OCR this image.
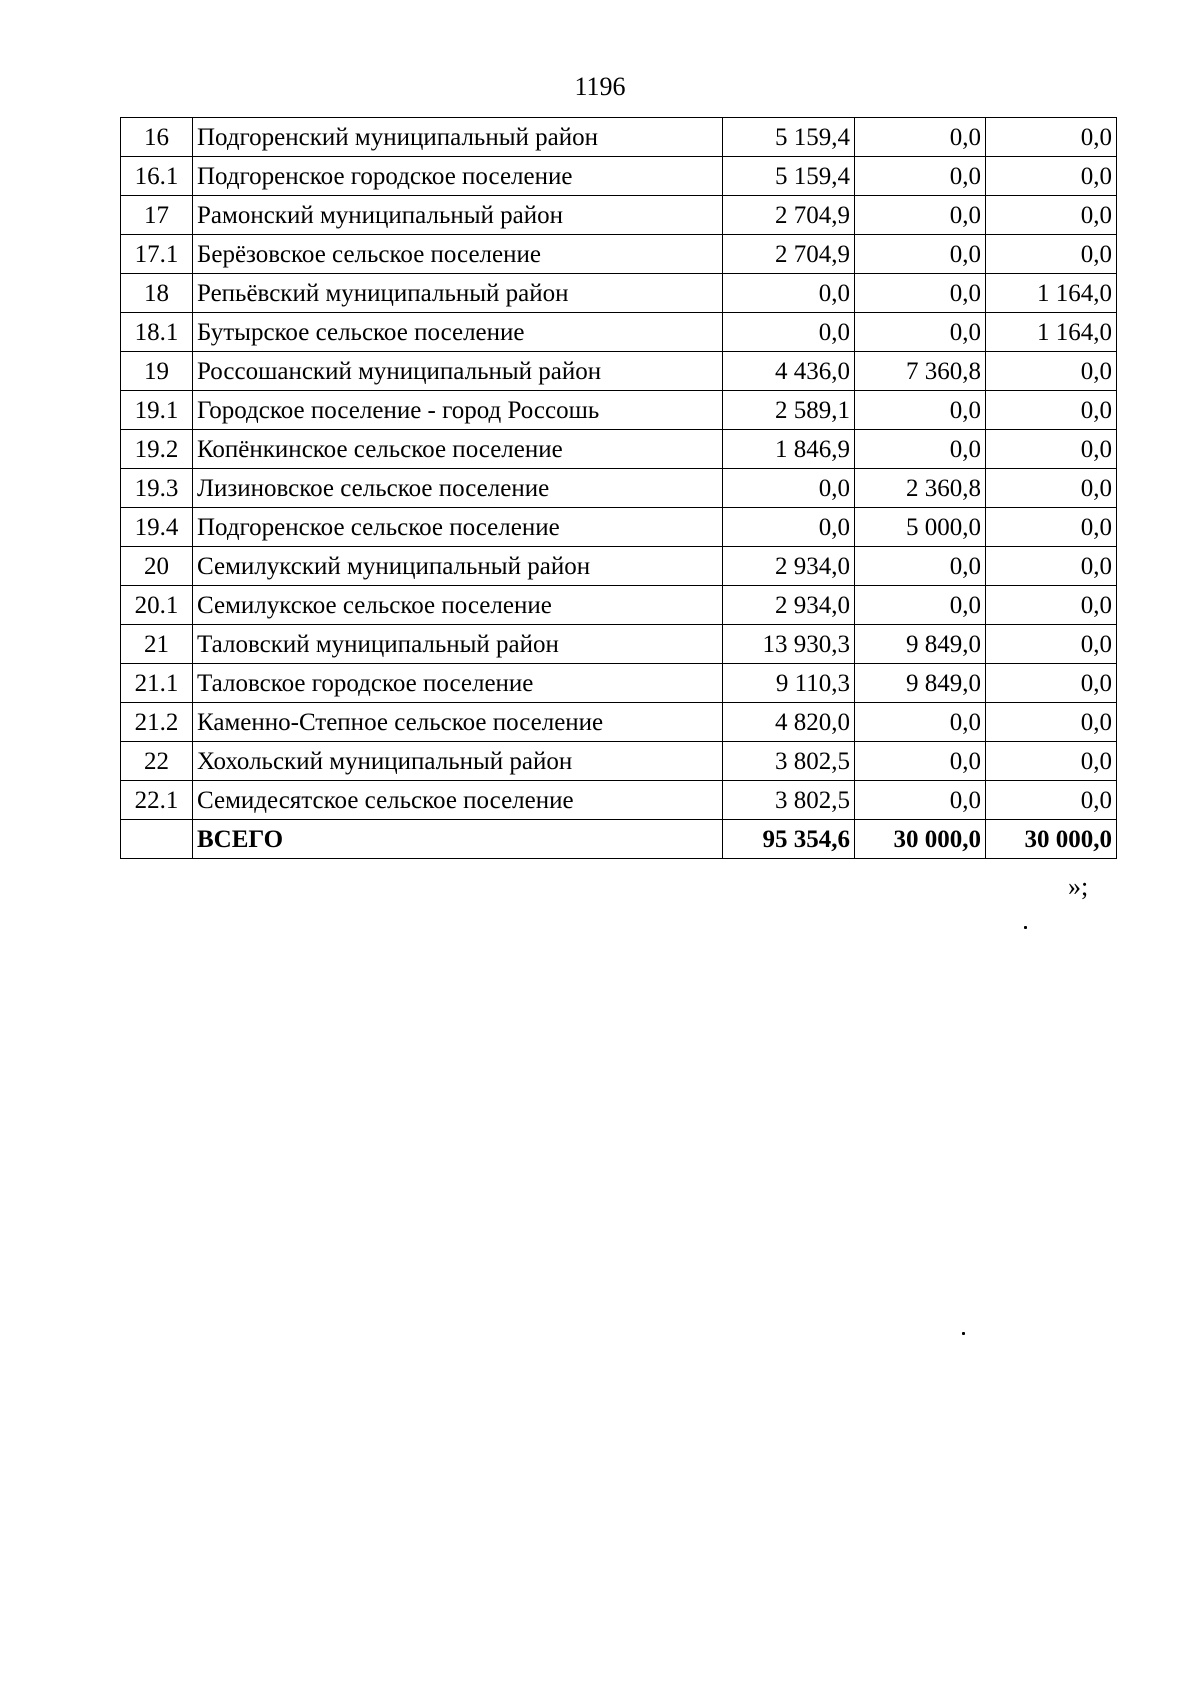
1196
16	Подгоренский муниципальный район	5 159,4	0,0	0,0
16.1	Подгоренское городское поселение	5 159,4	0,0	0,0
17	Рамонский муниципальный район	2 704,9	0,0	0,0
17.1	Берёзовское сельское поселение	2 704,9	0,0	0,0
18	Репьёвский муниципальный район	0,0	0,0	1 164,0
18.1	Бутырское сельское поселение	0,0	0,0	1 164,0
19	Россошанский муниципальный район	4 436,0	7 360,8	0,0
19.1	Городское поселение - город Россошь	2 589,1	0,0	0,0
19.2	Копёнкинское сельское поселение	1 846,9	0,0	0,0
19.3	Лизиновское сельское поселение	0,0	2 360,8	0,0
19.4	Подгоренское сельское поселение	0,0	5 000,0	0,0
20	Семилукский муниципальный район	2 934,0	0,0	0,0
20.1	Семилукское сельское поселение	2 934,0	0,0	0,0
21	Таловский муниципальный район	13 930,3	9 849,0	0,0
21.1	Таловское городское поселение	9 110,3	9 849,0	0,0
21.2	Каменно-Степное сельское поселение	4 820,0	0,0	0,0
22	Хохольский муниципальный район	3 802,5	0,0	0,0
22.1	Семидесятское сельское поселение	3 802,5	0,0	0,0
	ВСЕГО	95 354,6	30 000,0	30 000,0
»;
